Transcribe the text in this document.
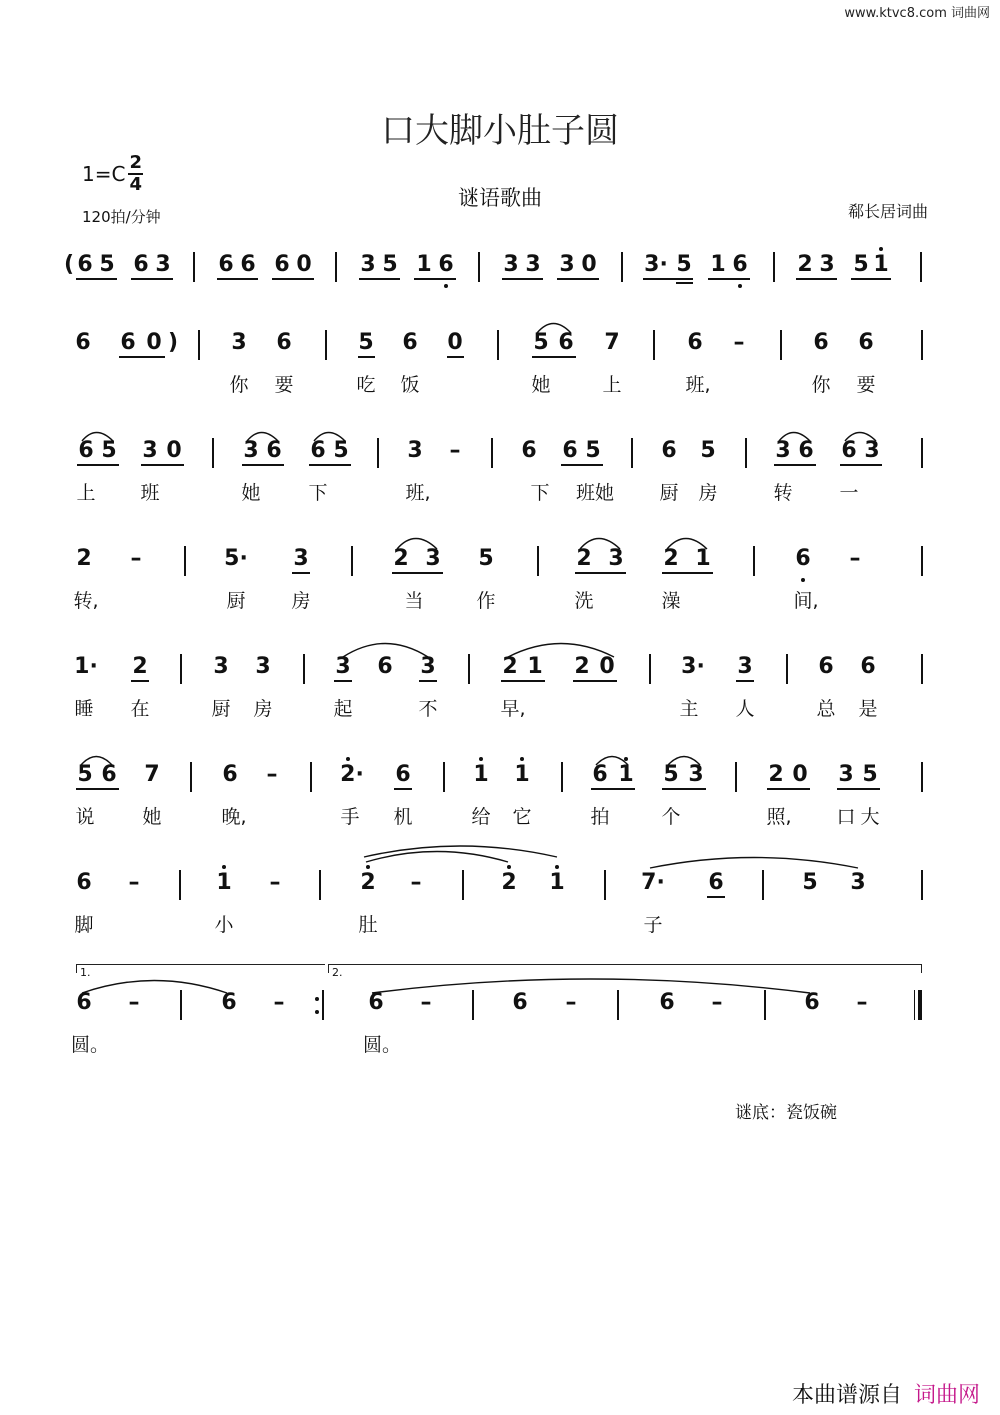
www.ktvc8.com 词曲网
口大脚小肚子圆
谜语歌曲
$1=C \frac{2}{4}$
120拍/分钟	郗长居词曲
(
)
6 5 6 3	6 6 6 0	3 5 1 6	3 3 3 0	3· 5 1 6	2 3 5 1
6	6 0	3	6	5	6	0	5 6	7	6	–	6	6
你	要	吃	饭	她	上	班,	你	要
6 5	3 0	3 6	6 5	3	–	6	6 5	6	5	3 6	6 3
上	班	她	下	班,	下	班她	厨	房	转	一
2	–	5·	3	2 3	5	2 3	2 1	6	–
转,	厨	房	当	作	洗	澡	间,
1·	2	3	3	3	6	3	2 1	2 0	3·	3	6	6
睡	在	厨	房	起	不	早,	主	人	总	是
5 6	7	6	–	2·	6	1	1	6 1	5 3	2 0	3 5
说	她	晚,	手	机	给	它	拍	个	照,	口 大
6	–	1	–	2	–	2	1	7·	6	5	3
脚	小	肚	子
1.	2.
6	–	6	–	6	–	6	–	6	–	6	–
圆。	圆。
谜底：瓷饭碗
本曲谱源自 词曲网
